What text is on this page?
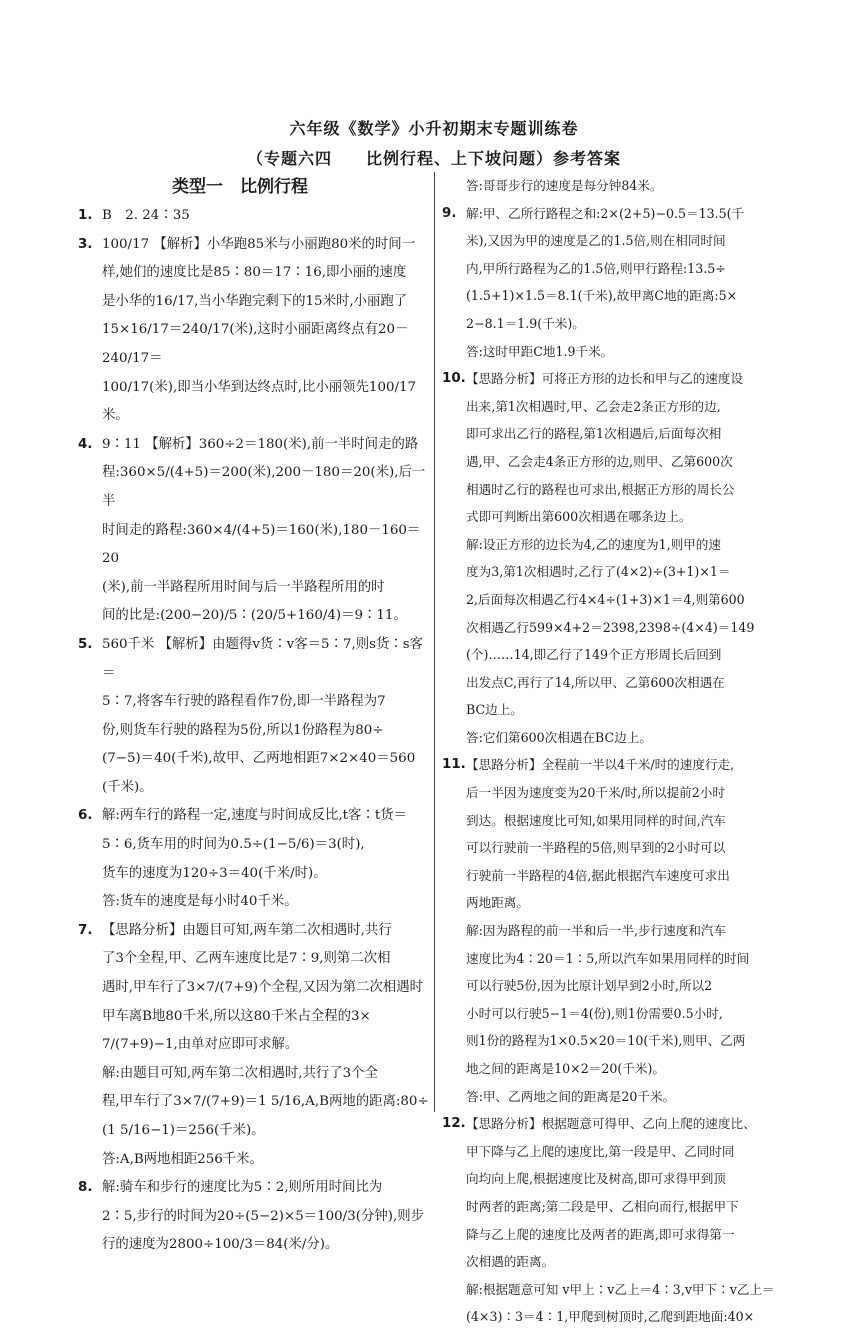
六年级《数学》小升初期末专题训练卷
（专题六四　　比例行程、上下坡问题）参考答案
类型一　比例行程
1. B　2. 24∶35

3. 100/17 【解析】小华跑85米与小丽跑80米的时间一

样,她们的速度比是85∶80＝17∶16,即小丽的速度

是小华的16/17,当小华跑完剩下的15米时,小丽跑了

15×16/17＝240/17(米),这时小丽距离终点有20－240/17＝

100/17(米),即当小华到达终点时,比小丽领先100/17米。

4. 9∶11 【解析】360÷2＝180(米),前一半时间走的路

程:360×5/(4+5)＝200(米),200－180＝20(米),后一半

时间走的路程:360×4/(4+5)＝160(米),180－160＝20

(米),前一半路程所用时间与后一半路程所用的时

间的比是:(200−20)/5∶(20/5+160/4)＝9∶11。

5. 560千米 【解析】由题得v货∶v客＝5∶7,则s货∶s客＝

5∶7,将客车行驶的路程看作7份,即一半路程为7

份,则货车行驶的路程为5份,所以1份路程为80÷

(7−5)＝40(千米),故甲、乙两地相距7×2×40＝560

(千米)。

6. 解:两车行的路程一定,速度与时间成反比,t客∶t货＝

5∶6,货车用的时间为0.5÷(1−5/6)＝3(时),

货车的速度为120÷3＝40(千米/时)。

答:货车的速度是每小时40千米。

7. 【思路分析】由题目可知,两车第二次相遇时,共行

了3个全程,甲、乙两车速度比是7∶9,则第二次相

遇时,甲车行了3×7/(7+9)个全程,又因为第二次相遇时

甲车离B地80千米,所以这80千米占全程的3×

7/(7+9)−1,由单对应即可求解。

解:由题目可知,两车第二次相遇时,共行了3个全

程,甲车行了3×7/(7+9)＝1 5/16,A,B两地的距离:80÷

(1 5/16−1)＝256(千米)。

答:A,B两地相距256千米。

8. 解:骑车和步行的速度比为5∶2,则所用时间比为

2∶5,步行的时间为20÷(5−2)×5＝100/3(分钟),则步

行的速度为2800÷100/3＝84(米/分)。

答:哥哥步行的速度是每分钟84米。

9. 解:甲、乙所行路程之和:2×(2+5)−0.5＝13.5(千

米),又因为甲的速度是乙的1.5倍,则在相同时间

内,甲所行路程为乙的1.5倍,则甲行路程:13.5÷

(1.5+1)×1.5＝8.1(千米),故甲离C地的距离:5×

2−8.1＝1.9(千米)。

答:这时甲距C地1.9千米。

10. 【思路分析】可将正方形的边长和甲与乙的速度设

出来,第1次相遇时,甲、乙会走2条正方形的边,

即可求出乙行的路程,第1次相遇后,后面每次相

遇,甲、乙会走4条正方形的边,则甲、乙第600次

相遇时乙行的路程也可求出,根据正方形的周长公

式即可判断出第600次相遇在哪条边上。

解:设正方形的边长为4,乙的速度为1,则甲的速

度为3,第1次相遇时,乙行了(4×2)÷(3+1)×1＝

2,后面每次相遇乙行4×4÷(1+3)×1＝4,则第600

次相遇乙行599×4+2＝2398,2398÷(4×4)＝149

(个)……14,即乙行了149个正方形周长后回到

出发点C,再行了14,所以甲、乙第600次相遇在

BC边上。

答:它们第600次相遇在BC边上。

11. 【思路分析】全程前一半以4千米/时的速度行走,

后一半因为速度变为20千米/时,所以提前2小时

到达。根据速度比可知,如果用同样的时间,汽车

可以行驶前一半路程的5倍,则早到的2小时可以

行驶前一半路程的4倍,据此根据汽车速度可求出

两地距离。

解:因为路程的前一半和后一半,步行速度和汽车

速度比为4∶20＝1∶5,所以汽车如果用同样的时间

可以行驶5份,因为比原计划早到2小时,所以2

小时可以行驶5−1＝4(份),则1份需要0.5小时,

则1份的路程为1×0.5×20＝10(千米),则甲、乙两

地之间的距离是10×2＝20(千米)。

答:甲、乙两地之间的距离是20千米。

12. 【思路分析】根据题意可得甲、乙向上爬的速度比、

甲下降与乙上爬的速度比,第一段是甲、乙同时同

向均向上爬,根据速度比及树高,即可求得甲到顶

时两者的距离;第二段是甲、乙相向而行,根据甲下

降与乙上爬的速度比及两者的距离,即可求得第一

次相遇的距离。

解:根据题意可知 v甲上∶v乙上＝4∶3,v甲下∶v乙上＝

(4×3)∶3＝4∶1,甲爬到树顶时,乙爬到距地面:40×
